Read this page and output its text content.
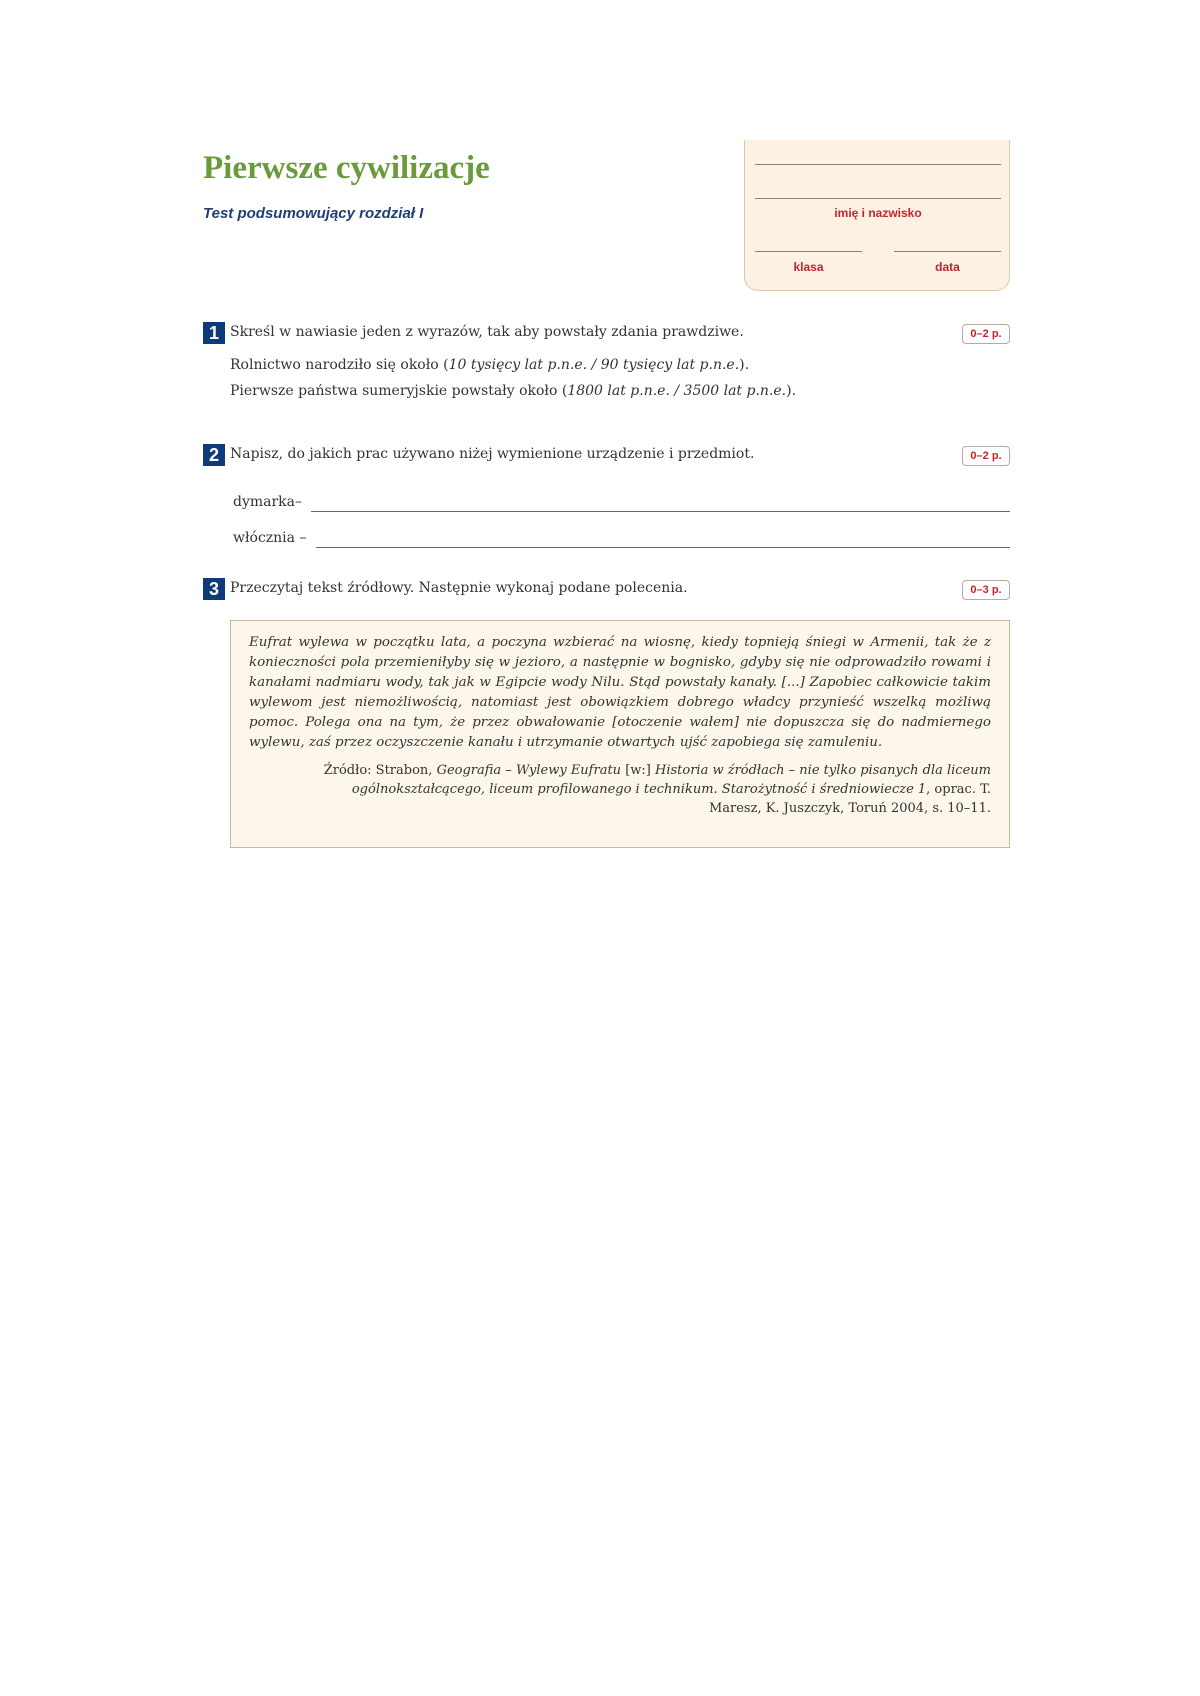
Pierwsze cywilizacje
Test podsumowujący rozdział I	imię i nazwisko
klasa	data
1 Skreśl w nawiasie jeden z wyrazów, tak aby powstały zdania prawdziwe.	0–2 p.
Rolnictwo narodziło się około (10 tysięcy lat p.n.e. / 90 tysięcy lat p.n.e.).
Pierwsze państwa sumeryjskie powstały około (1800 lat p.n.e. / 3500 lat p.n.e.).
2 Napisz, do jakich prac używano niżej wymienione urządzenie i przedmiot.	0–2 p.
dymarka–
włócznia –
3 Przeczytaj tekst źródłowy. Następnie wykonaj podane polecenia.	0–3 p.

Eufrat wylewa w początku lata, a poczyna wzbierać na wiosnę, kiedy topnieją śniegi w Armenii, tak że z konieczności pola przemieniłyby się w jezioro, a następnie w bognisko, gdyby się nie odprowadziło rowami i kanałami nadmiaru wody, tak jak w Egipcie wody Nilu. Stąd powstały kanały. [...] Zapobiec całkowicie takim wylewom jest niemożliwością, natomiast jest obowiązkiem dobrego władcy przynieść wszelką możliwą pomoc. Polega ona na tym, że przez obwałowanie [otoczenie wałem] nie dopuszcza się do nadmiernego wylewu, zaś przez oczyszczenie kanału i utrzymanie otwartych ujść zapobiega się zamuleniu.

Źródło: Strabon, Geografia – Wylewy Eufratu [w:] Historia w źródłach – nie tylko pisanych dla liceum ogólnokształcącego, liceum profilowanego i technikum. Starożytność i średniowiecze 1, oprac. T. Maresz, K. Juszczyk, Toruń 2004, s. 10–11.
